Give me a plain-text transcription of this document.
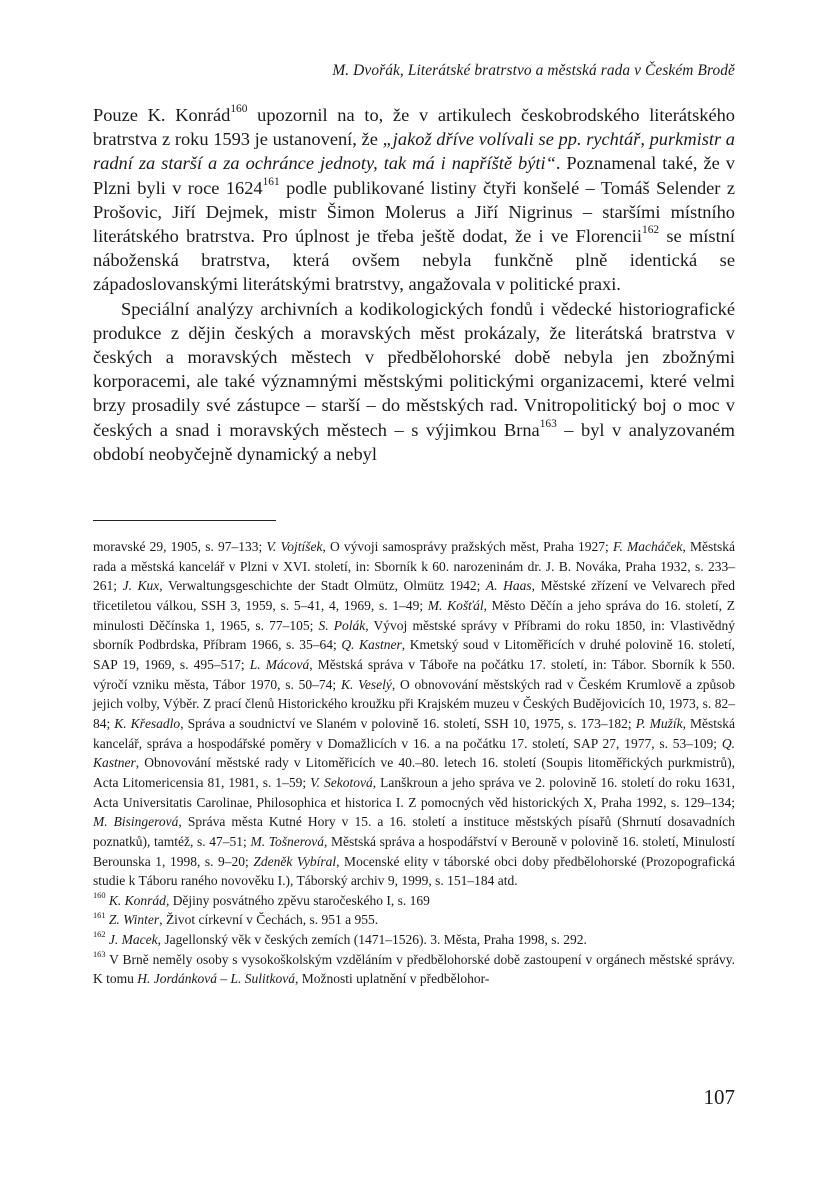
M. Dvořák, Literátské bratrstvo a městská rada v Českém Brodě

Pouze K. Konrád$^{160}$ upozornil na to, že v artikulech českobrodského literátského bratrstva z roku 1593 je ustanovení, že „jakož dříve volívali se pp. rychtář, purkmistr a radní za starší a za ochránce jednoty, tak má i napříště býti“. Poznamenal také, že v Plzni byli v roce 1624$^{161}$ podle publikované listiny čtyři konšelé – Tomáš Selender z Prošovic, Jiří Dejmek, mistr Šimon Molerus a Jiří Nigrinus – staršími místního literátského bratrstva. Pro úplnost je třeba ještě dodat, že i ve Florencii$^{162}$ se místní náboženská bratrstva, která ovšem nebyla funkčně plně identická se západoslovanskými literátskými bratrstvy, angažovala v politické praxi.

Speciální analýzy archivních a kodikologických fondů i vědecké historiografické produkce z dějin českých a moravských měst prokázaly, že literátská bratrstva v českých a moravských městech v předbělohorské době nebyla jen zbožnými korporacemi, ale také významnými městskými politickými organizacemi, které velmi brzy prosadily své zástupce – starší – do městských rad. Vnitropolitický boj o moc v českých a snad i moravských městech – s výjimkou Brna$^{163}$ – byl v analyzovaném období neobyčejně dynamický a nebyl

moravské 29, 1905, s. 97–133; V. Vojtíšek, O vývoji samosprávy pražských měst, Praha 1927; F. Macháček, Městská rada a městská kancelář v Plzni v XVI. století, in: Sborník k 60. narozeninám dr. J. B. Nováka, Praha 1932, s. 233–261; J. Kux, Verwaltungsgeschichte der Stadt Olmütz, Olmütz 1942; A. Haas, Městské zřízení ve Velvarech před třicetiletou válkou, SSH 3, 1959, s. 5–41, 4, 1969, s. 1–49; M. Košťál, Město Děčín a jeho správa do 16. století, Z minulosti Děčínska 1, 1965, s. 77–105; S. Polák, Vývoj městské správy v Příbrami do roku 1850, in: Vlastivědný sborník Podbrdska, Příbram 1966, s. 35–64; Q. Kastner, Kmetský soud v Litoměřicích v druhé polovině 16. století, SAP 19, 1969, s. 495–517; L. Mácová, Městská správa v Táboře na počátku 17. století, in: Tábor. Sborník k 550. výročí vzniku města, Tábor 1970, s. 50–74; K. Veselý, O obnovování městských rad v Českém Krumlově a způsob jejich volby, Výběr. Z prací členů Historického kroužku při Krajském muzeu v Českých Budějovicích 10, 1973, s. 82–84; K. Křesadlo, Správa a soudnictví ve Slaném v polovině 16. století, SSH 10, 1975, s. 173–182; P. Mužík, Městská kancelář, správa a hospodářské poměry v Domažlicích v 16. a na počátku 17. století, SAP 27, 1977, s. 53–109; Q. Kastner, Obnovování městské rady v Litoměřicích ve 40.–80. letech 16. století (Soupis litoměřických purkmistrů), Acta Litomericensia 81, 1981, s. 1–59; V. Sekotová, Lanškroun a jeho správa ve 2. polovině 16. století do roku 1631, Acta Universitatis Carolinae, Philosophica et historica I. Z pomocných věd historických X, Praha 1992, s. 129–134; M. Bisingerová, Správa města Kutné Hory v 15. a 16. století a instituce městských písařů (Shrnutí dosavadních poznatků), tamtéž, s. 47–51; M. Tošnerová, Městská správa a hospodářství v Berouně v polovině 16. století, Minulostí Berounska 1, 1998, s. 9–20; Zdeněk Vybíral, Mocenské elity v táborské obci doby předbělohorské (Prozopografická studie k Táboru raného novověku I.), Táborský archiv 9, 1999, s. 151–184 atd.

$^{160}$ K. Konrád, Dějiny posvátného zpěvu staročeského I, s. 169

$^{161}$ Z. Winter, Život církevní v Čechách, s. 951 a 955.

$^{162}$ J. Macek, Jagellonský věk v českých zemích (1471–1526). 3. Města, Praha 1998, s. 292.

$^{163}$ V Brně neměly osoby s vysokoškolským vzděláním v předbělohorské době zastoupení v orgánech městské správy. K tomu H. Jordánková – L. Sulitková, Možnosti uplatnění v předbělohor-

107
